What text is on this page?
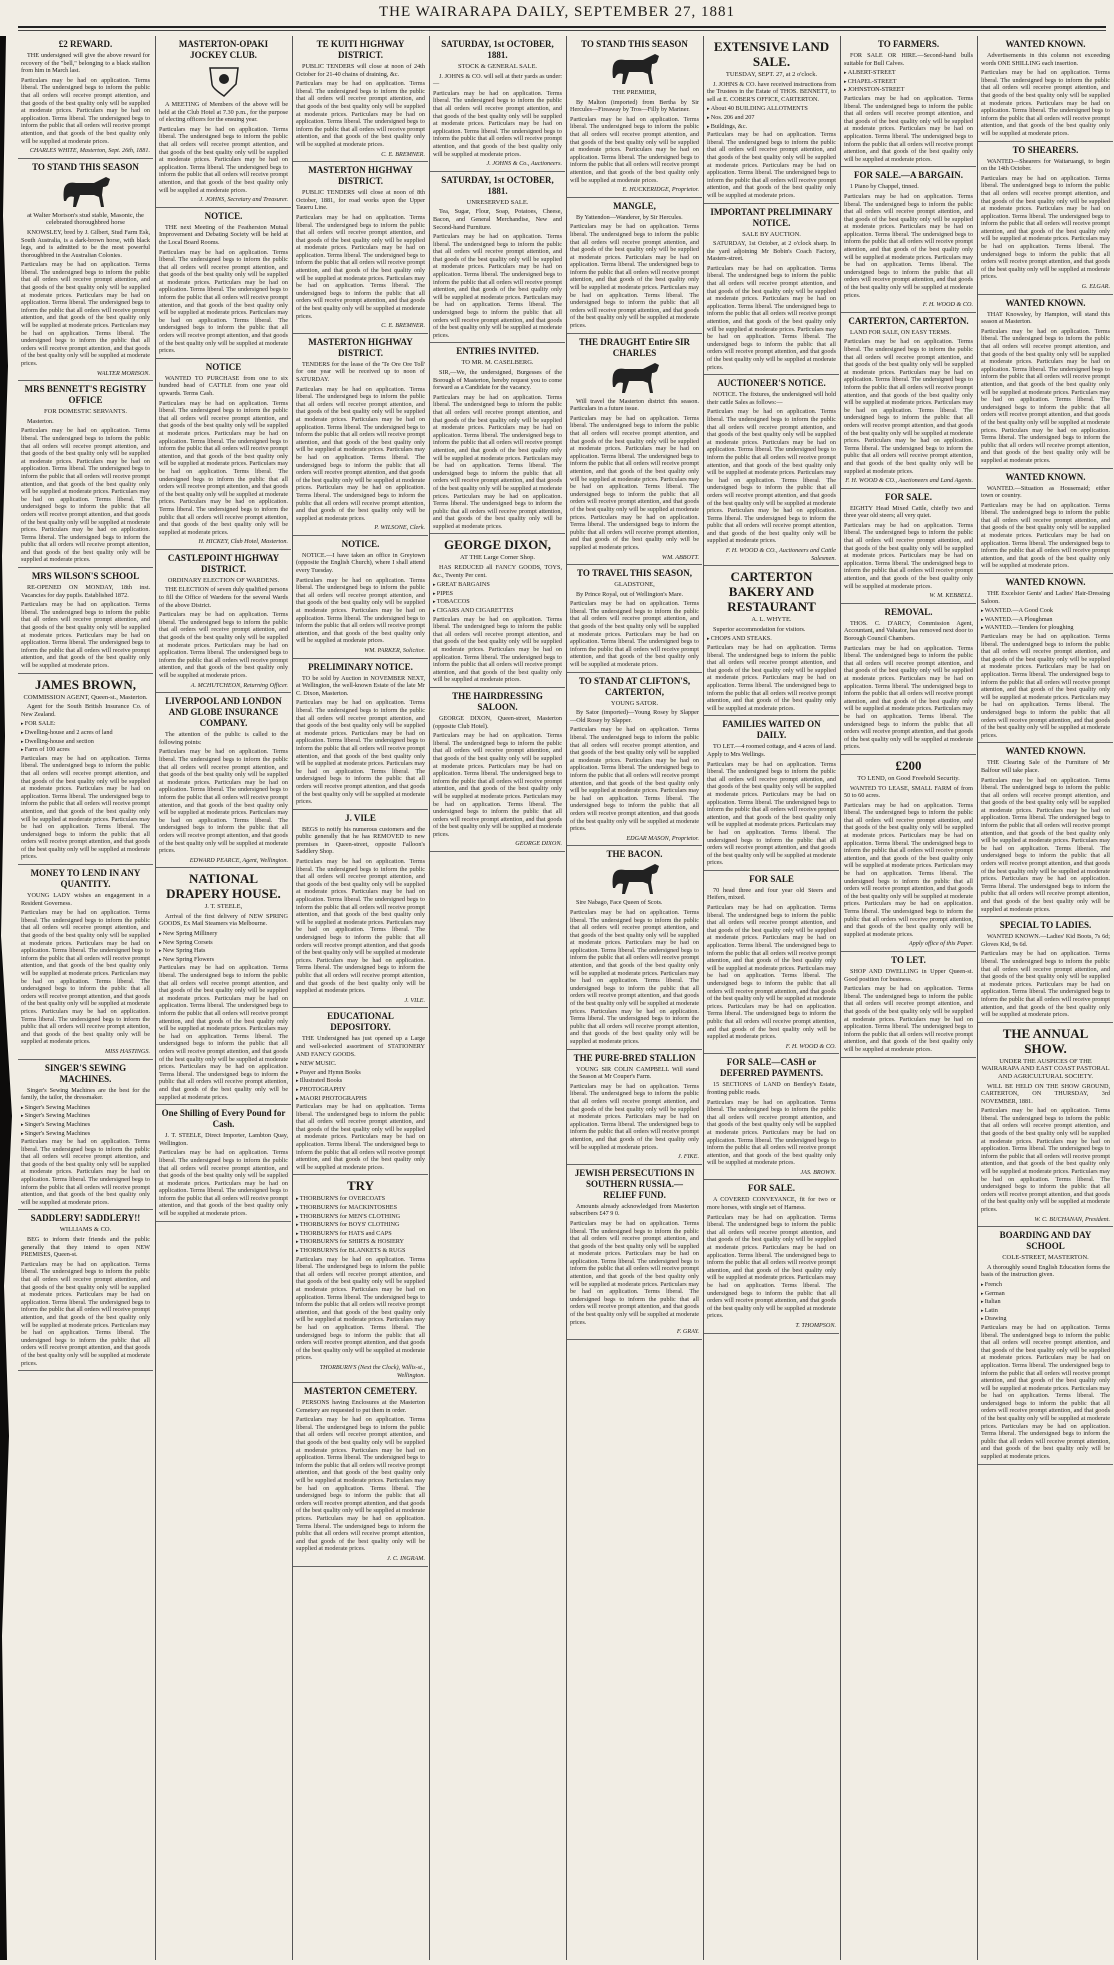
THE WAIRARAPA DAILY, SEPTEMBER 27, 1881
£2 REWARD.

THE undersigned will give the above reward for recovery of the "bell," belonging to a black stallion from him in March last.

Particulars may be had on application. Terms liberal. The undersigned begs to inform the public that all orders will receive prompt attention, and that goods of the best quality only will be supplied at moderate prices. Particulars may be had on application. Terms liberal. The undersigned begs to inform the public that all orders will receive prompt attention, and that goods of the best quality only will be supplied at moderate prices.
CHARLES WHITE, Masterton, Sept. 26th, 1881.
TO STAND THIS SEASON
at Walter Morison's stud stable, Masonic, the celebrated thoroughbred horse

KNOWSLEY, bred by J. Gilbert, Stud Farm Esk, South Australia, is a dark-brown horse, with black legs, and is admitted to be the most powerful thoroughbred in the Australian Colonies.

Particulars may be had on application. Terms liberal. The undersigned begs to inform the public that all orders will receive prompt attention, and that goods of the best quality only will be supplied at moderate prices. Particulars may be had on application. Terms liberal. The undersigned begs to inform the public that all orders will receive prompt attention, and that goods of the best quality only will be supplied at moderate prices. Particulars may be had on application. Terms liberal. The undersigned begs to inform the public that all orders will receive prompt attention, and that goods of the best quality only will be supplied at moderate prices.
WALTER MORISON.
MRS BENNETT'S REGISTRY OFFICE
FOR DOMESTIC SERVANTS.

Masterton.

Particulars may be had on application. Terms liberal. The undersigned begs to inform the public that all orders will receive prompt attention, and that goods of the best quality only will be supplied at moderate prices. Particulars may be had on application. Terms liberal. The undersigned begs to inform the public that all orders will receive prompt attention, and that goods of the best quality only will be supplied at moderate prices. Particulars may be had on application. Terms liberal. The undersigned begs to inform the public that all orders will receive prompt attention, and that goods of the best quality only will be supplied at moderate prices. Particulars may be had on application. Terms liberal. The undersigned begs to inform the public that all orders will receive prompt attention, and that goods of the best quality only will be supplied at moderate prices.
MRS WILSON'S SCHOOL

RE-OPENED ON MONDAY, 18th inst. Vacancies for day pupils. Established 1872.

Particulars may be had on application. Terms liberal. The undersigned begs to inform the public that all orders will receive prompt attention, and that goods of the best quality only will be supplied at moderate prices. Particulars may be had on application. Terms liberal. The undersigned begs to inform the public that all orders will receive prompt attention, and that goods of the best quality only will be supplied at moderate prices.
JAMES BROWN,
COMMISSION AGENT, Queen-st., Masterton.

Agent for the South British Insurance Co. of New Zealand.

▸ FOR SALE:
▸ Dwelling-house and 2 acres of land
▸ Dwelling-house and section
▸ Farm of 100 acres
Particulars may be had on application. Terms liberal. The undersigned begs to inform the public that all orders will receive prompt attention, and that goods of the best quality only will be supplied at moderate prices. Particulars may be had on application. Terms liberal. The undersigned begs to inform the public that all orders will receive prompt attention, and that goods of the best quality only will be supplied at moderate prices. Particulars may be had on application. Terms liberal. The undersigned begs to inform the public that all orders will receive prompt attention, and that goods of the best quality only will be supplied at moderate prices.
MONEY TO LEND IN ANY QUANTITY.

YOUNG LADY wishes an engagement in a Resident Governess.

Particulars may be had on application. Terms liberal. The undersigned begs to inform the public that all orders will receive prompt attention, and that goods of the best quality only will be supplied at moderate prices. Particulars may be had on application. Terms liberal. The undersigned begs to inform the public that all orders will receive prompt attention, and that goods of the best quality only will be supplied at moderate prices. Particulars may be had on application. Terms liberal. The undersigned begs to inform the public that all orders will receive prompt attention, and that goods of the best quality only will be supplied at moderate prices. Particulars may be had on application. Terms liberal. The undersigned begs to inform the public that all orders will receive prompt attention, and that goods of the best quality only will be supplied at moderate prices.
MISS HASTINGS.
SINGER'S SEWING MACHINES.

Singer's Sewing Machines are the best for the family, the tailor, the dressmaker.

▸ Singer's Sewing Machines
▸ Singer's Sewing Machines
▸ Singer's Sewing Machines
▸ Singer's Sewing Machines
Particulars may be had on application. Terms liberal. The undersigned begs to inform the public that all orders will receive prompt attention, and that goods of the best quality only will be supplied at moderate prices. Particulars may be had on application. Terms liberal. The undersigned begs to inform the public that all orders will receive prompt attention, and that goods of the best quality only will be supplied at moderate prices.
SADDLERY! SADDLERY!!
WILLIAMS & CO.

BEG to inform their friends and the public generally that they intend to open NEW PREMISES, Queen-st.

Particulars may be had on application. Terms liberal. The undersigned begs to inform the public that all orders will receive prompt attention, and that goods of the best quality only will be supplied at moderate prices. Particulars may be had on application. Terms liberal. The undersigned begs to inform the public that all orders will receive prompt attention, and that goods of the best quality only will be supplied at moderate prices. Particulars may be had on application. Terms liberal. The undersigned begs to inform the public that all orders will receive prompt attention, and that goods of the best quality only will be supplied at moderate prices.
MASTERTON-OPAKI JOCKEY CLUB.

A MEETING of Members of the above will be held at the Club Hotel at 7.30 p.m., for the purpose of electing officers for the ensuing year.

Particulars may be had on application. Terms liberal. The undersigned begs to inform the public that all orders will receive prompt attention, and that goods of the best quality only will be supplied at moderate prices. Particulars may be had on application. Terms liberal. The undersigned begs to inform the public that all orders will receive prompt attention, and that goods of the best quality only will be supplied at moderate prices.
J. JOHNS, Secretary and Treasurer.
NOTICE.

THE next Meeting of the Featherston Mutual Improvement and Debating Society will be held at the Local Board Rooms.

Particulars may be had on application. Terms liberal. The undersigned begs to inform the public that all orders will receive prompt attention, and that goods of the best quality only will be supplied at moderate prices. Particulars may be had on application. Terms liberal. The undersigned begs to inform the public that all orders will receive prompt attention, and that goods of the best quality only will be supplied at moderate prices. Particulars may be had on application. Terms liberal. The undersigned begs to inform the public that all orders will receive prompt attention, and that goods of the best quality only will be supplied at moderate prices.
NOTICE

WANTED TO PURCHASE from one to six hundred head of CATTLE from one year old upwards. Terms Cash.

Particulars may be had on application. Terms liberal. The undersigned begs to inform the public that all orders will receive prompt attention, and that goods of the best quality only will be supplied at moderate prices. Particulars may be had on application. Terms liberal. The undersigned begs to inform the public that all orders will receive prompt attention, and that goods of the best quality only will be supplied at moderate prices. Particulars may be had on application. Terms liberal. The undersigned begs to inform the public that all orders will receive prompt attention, and that goods of the best quality only will be supplied at moderate prices. Particulars may be had on application. Terms liberal. The undersigned begs to inform the public that all orders will receive prompt attention, and that goods of the best quality only will be supplied at moderate prices.
H. HICKEY, Club Hotel, Masterton.
CASTLEPOINT HIGHWAY DISTRICT.
ORDINARY ELECTION OF WARDENS.

THE ELECTION of seven duly qualified persons to fill the Office of Wardens for the several Wards of the above District.

Particulars may be had on application. Terms liberal. The undersigned begs to inform the public that all orders will receive prompt attention, and that goods of the best quality only will be supplied at moderate prices. Particulars may be had on application. Terms liberal. The undersigned begs to inform the public that all orders will receive prompt attention, and that goods of the best quality only will be supplied at moderate prices.
A. MCHUTCHEON, Returning Officer.
LIVERPOOL AND LONDON AND GLOBE INSURANCE COMPANY.

The attention of the public is called to the following points:

Particulars may be had on application. Terms liberal. The undersigned begs to inform the public that all orders will receive prompt attention, and that goods of the best quality only will be supplied at moderate prices. Particulars may be had on application. Terms liberal. The undersigned begs to inform the public that all orders will receive prompt attention, and that goods of the best quality only will be supplied at moderate prices. Particulars may be had on application. Terms liberal. The undersigned begs to inform the public that all orders will receive prompt attention, and that goods of the best quality only will be supplied at moderate prices.
EDWARD PEARCE, Agent, Wellington.
NATIONAL DRAPERY HOUSE.
J. T. STEELE,

Arrival of the first delivery of NEW SPRING GOODS, Ex Mail Steamers via Melbourne.

▸ New Spring Millinery
▸ New Spring Corsets
▸ New Spring Hats
▸ New Spring Flowers
Particulars may be had on application. Terms liberal. The undersigned begs to inform the public that all orders will receive prompt attention, and that goods of the best quality only will be supplied at moderate prices. Particulars may be had on application. Terms liberal. The undersigned begs to inform the public that all orders will receive prompt attention, and that goods of the best quality only will be supplied at moderate prices. Particulars may be had on application. Terms liberal. The undersigned begs to inform the public that all orders will receive prompt attention, and that goods of the best quality only will be supplied at moderate prices. Particulars may be had on application. Terms liberal. The undersigned begs to inform the public that all orders will receive prompt attention, and that goods of the best quality only will be supplied at moderate prices.
One Shilling of Every Pound for Cash.

J. T. STEELE, Direct Importer, Lambton Quay, Wellington.

Particulars may be had on application. Terms liberal. The undersigned begs to inform the public that all orders will receive prompt attention, and that goods of the best quality only will be supplied at moderate prices. Particulars may be had on application. Terms liberal. The undersigned begs to inform the public that all orders will receive prompt attention, and that goods of the best quality only will be supplied at moderate prices.
TE KUITI HIGHWAY DISTRICT.

PUBLIC TENDERS will close at noon of 24th October for 21-40 chains of draining, &c.

Particulars may be had on application. Terms liberal. The undersigned begs to inform the public that all orders will receive prompt attention, and that goods of the best quality only will be supplied at moderate prices. Particulars may be had on application. Terms liberal. The undersigned begs to inform the public that all orders will receive prompt attention, and that goods of the best quality only will be supplied at moderate prices.
C. E. BREMNER.
MASTERTON HIGHWAY DISTRICT.

PUBLIC TENDERS will close at noon of 8th October, 1881, for road works upon the Upper Taueru Line.

Particulars may be had on application. Terms liberal. The undersigned begs to inform the public that all orders will receive prompt attention, and that goods of the best quality only will be supplied at moderate prices. Particulars may be had on application. Terms liberal. The undersigned begs to inform the public that all orders will receive prompt attention, and that goods of the best quality only will be supplied at moderate prices. Particulars may be had on application. Terms liberal. The undersigned begs to inform the public that all orders will receive prompt attention, and that goods of the best quality only will be supplied at moderate prices.
C. E. BREMNER.
MASTERTON HIGHWAY DISTRICT.

TENDERS for the lease of the 'Te Ore Ore Toll' for one year will be received up to noon of SATURDAY.

Particulars may be had on application. Terms liberal. The undersigned begs to inform the public that all orders will receive prompt attention, and that goods of the best quality only will be supplied at moderate prices. Particulars may be had on application. Terms liberal. The undersigned begs to inform the public that all orders will receive prompt attention, and that goods of the best quality only will be supplied at moderate prices. Particulars may be had on application. Terms liberal. The undersigned begs to inform the public that all orders will receive prompt attention, and that goods of the best quality only will be supplied at moderate prices. Particulars may be had on application. Terms liberal. The undersigned begs to inform the public that all orders will receive prompt attention, and that goods of the best quality only will be supplied at moderate prices.
P. WILSONE, Clerk.
NOTICE.

NOTICE.—I have taken an office in Greytown (opposite the English Church), where I shall attend every Tuesday.

Particulars may be had on application. Terms liberal. The undersigned begs to inform the public that all orders will receive prompt attention, and that goods of the best quality only will be supplied at moderate prices. Particulars may be had on application. Terms liberal. The undersigned begs to inform the public that all orders will receive prompt attention, and that goods of the best quality only will be supplied at moderate prices.
WM. PARKER, Solicitor.
PRELIMINARY NOTICE.

TO be sold by Auction in NOVEMBER NEXT, at Wellington, the well-known Estate of the late Mr C. Dixon, Masterton.

Particulars may be had on application. Terms liberal. The undersigned begs to inform the public that all orders will receive prompt attention, and that goods of the best quality only will be supplied at moderate prices. Particulars may be had on application. Terms liberal. The undersigned begs to inform the public that all orders will receive prompt attention, and that goods of the best quality only will be supplied at moderate prices. Particulars may be had on application. Terms liberal. The undersigned begs to inform the public that all orders will receive prompt attention, and that goods of the best quality only will be supplied at moderate prices.
J. VILE

BEGS to notify his numerous customers and the public generally that he has REMOVED to new premises in Queen-street, opposite Falloon's Saddlery Shop.

Particulars may be had on application. Terms liberal. The undersigned begs to inform the public that all orders will receive prompt attention, and that goods of the best quality only will be supplied at moderate prices. Particulars may be had on application. Terms liberal. The undersigned begs to inform the public that all orders will receive prompt attention, and that goods of the best quality only will be supplied at moderate prices. Particulars may be had on application. Terms liberal. The undersigned begs to inform the public that all orders will receive prompt attention, and that goods of the best quality only will be supplied at moderate prices. Particulars may be had on application. Terms liberal. The undersigned begs to inform the public that all orders will receive prompt attention, and that goods of the best quality only will be supplied at moderate prices.
J. VILE.
EDUCATIONAL DEPOSITORY.

THE Undersigned has just opened up a Large and well-selected assortment of STATIONERY AND FANCY GOODS.

▸ NEW MUSIC.
▸ Prayer and Hymn Books
▸ Illustrated Books
▸ PHOTOGRAPHY
▸ MAORI PHOTOGRAPHS
Particulars may be had on application. Terms liberal. The undersigned begs to inform the public that all orders will receive prompt attention, and that goods of the best quality only will be supplied at moderate prices. Particulars may be had on application. Terms liberal. The undersigned begs to inform the public that all orders will receive prompt attention, and that goods of the best quality only will be supplied at moderate prices.
TRY
▸ THORBURN'S for OVERCOATS
▸ THORBURN'S for MACKINTOSHES
▸ THORBURN'S for MEN'S CLOTHING
▸ THORBURN'S for BOYS' CLOTHING
▸ THORBURN'S for HATS and CAPS
▸ THORBURN'S for SHIRTS & HOSIERY
▸ THORBURN'S for BLANKETS & RUGS
Particulars may be had on application. Terms liberal. The undersigned begs to inform the public that all orders will receive prompt attention, and that goods of the best quality only will be supplied at moderate prices. Particulars may be had on application. Terms liberal. The undersigned begs to inform the public that all orders will receive prompt attention, and that goods of the best quality only will be supplied at moderate prices. Particulars may be had on application. Terms liberal. The undersigned begs to inform the public that all orders will receive prompt attention, and that goods of the best quality only will be supplied at moderate prices.
THORBURN'S (Next the Clock), Willis-st., Wellington.
MASTERTON CEMETERY.

PERSONS having Enclosures at the Masterton Cemetery are requested to put them in order.

Particulars may be had on application. Terms liberal. The undersigned begs to inform the public that all orders will receive prompt attention, and that goods of the best quality only will be supplied at moderate prices. Particulars may be had on application. Terms liberal. The undersigned begs to inform the public that all orders will receive prompt attention, and that goods of the best quality only will be supplied at moderate prices. Particulars may be had on application. Terms liberal. The undersigned begs to inform the public that all orders will receive prompt attention, and that goods of the best quality only will be supplied at moderate prices. Particulars may be had on application. Terms liberal. The undersigned begs to inform the public that all orders will receive prompt attention, and that goods of the best quality only will be supplied at moderate prices.
J. C. INGRAM.
SATURDAY, 1st OCTOBER, 1881.
STOCK & GENERAL SALE.

J. JOHNS & CO. will sell at their yards as under:—

Particulars may be had on application. Terms liberal. The undersigned begs to inform the public that all orders will receive prompt attention, and that goods of the best quality only will be supplied at moderate prices. Particulars may be had on application. Terms liberal. The undersigned begs to inform the public that all orders will receive prompt attention, and that goods of the best quality only will be supplied at moderate prices.
J. JOHNS & Co., Auctioneers.
SATURDAY, 1st OCTOBER, 1881.
UNRESERVED SALE.

Tea, Sugar, Flour, Soap, Potatoes, Cheese, Bacon, and General Merchandise, New and Second-hand Furniture.

Particulars may be had on application. Terms liberal. The undersigned begs to inform the public that all orders will receive prompt attention, and that goods of the best quality only will be supplied at moderate prices. Particulars may be had on application. Terms liberal. The undersigned begs to inform the public that all orders will receive prompt attention, and that goods of the best quality only will be supplied at moderate prices. Particulars may be had on application. Terms liberal. The undersigned begs to inform the public that all orders will receive prompt attention, and that goods of the best quality only will be supplied at moderate prices.
ENTRIES INVITED.
TO MR. M. CASELBERG.

SIR,—We, the undersigned, Burgesses of the Borough of Masterton, hereby request you to come forward as a Candidate for the vacancy.

Particulars may be had on application. Terms liberal. The undersigned begs to inform the public that all orders will receive prompt attention, and that goods of the best quality only will be supplied at moderate prices. Particulars may be had on application. Terms liberal. The undersigned begs to inform the public that all orders will receive prompt attention, and that goods of the best quality only will be supplied at moderate prices. Particulars may be had on application. Terms liberal. The undersigned begs to inform the public that all orders will receive prompt attention, and that goods of the best quality only will be supplied at moderate prices. Particulars may be had on application. Terms liberal. The undersigned begs to inform the public that all orders will receive prompt attention, and that goods of the best quality only will be supplied at moderate prices.
GEORGE DIXON,
AT THE Large Corner Shop.

HAS REDUCED all FANCY GOODS, TOYS, &c., Twenty Per cent.

▸ GREAT BARGAINS
▸ PIPES
▸ TOBACCOS
▸ CIGARS AND CIGARETTES
Particulars may be had on application. Terms liberal. The undersigned begs to inform the public that all orders will receive prompt attention, and that goods of the best quality only will be supplied at moderate prices. Particulars may be had on application. Terms liberal. The undersigned begs to inform the public that all orders will receive prompt attention, and that goods of the best quality only will be supplied at moderate prices.
THE HAIRDRESSING SALOON.

GEORGE DIXON, Queen-street, Masterton (opposite Club Hotel).

Particulars may be had on application. Terms liberal. The undersigned begs to inform the public that all orders will receive prompt attention, and that goods of the best quality only will be supplied at moderate prices. Particulars may be had on application. Terms liberal. The undersigned begs to inform the public that all orders will receive prompt attention, and that goods of the best quality only will be supplied at moderate prices. Particulars may be had on application. Terms liberal. The undersigned begs to inform the public that all orders will receive prompt attention, and that goods of the best quality only will be supplied at moderate prices.
GEORGE DIXON.
TO STAND THIS SEASON
THE PREMIER,

By Malton (imported) from Bertha by Sir Hercules—Fireaway by Tros—Filly by Mariner.

Particulars may be had on application. Terms liberal. The undersigned begs to inform the public that all orders will receive prompt attention, and that goods of the best quality only will be supplied at moderate prices. Particulars may be had on application. Terms liberal. The undersigned begs to inform the public that all orders will receive prompt attention, and that goods of the best quality only will be supplied at moderate prices.
E. HUCKERIDGE, Proprietor.
MANGLE,

By Yattendon—Wanderer, by Sir Hercules.

Particulars may be had on application. Terms liberal. The undersigned begs to inform the public that all orders will receive prompt attention, and that goods of the best quality only will be supplied at moderate prices. Particulars may be had on application. Terms liberal. The undersigned begs to inform the public that all orders will receive prompt attention, and that goods of the best quality only will be supplied at moderate prices. Particulars may be had on application. Terms liberal. The undersigned begs to inform the public that all orders will receive prompt attention, and that goods of the best quality only will be supplied at moderate prices.
THE DRAUGHT Entire SIR CHARLES

Will travel the Masterton district this season. Particulars in a future issue.

Particulars may be had on application. Terms liberal. The undersigned begs to inform the public that all orders will receive prompt attention, and that goods of the best quality only will be supplied at moderate prices. Particulars may be had on application. Terms liberal. The undersigned begs to inform the public that all orders will receive prompt attention, and that goods of the best quality only will be supplied at moderate prices. Particulars may be had on application. Terms liberal. The undersigned begs to inform the public that all orders will receive prompt attention, and that goods of the best quality only will be supplied at moderate prices. Particulars may be had on application. Terms liberal. The undersigned begs to inform the public that all orders will receive prompt attention, and that goods of the best quality only will be supplied at moderate prices.
WM. ABBOTT.
TO TRAVEL THIS SEASON,
GLADSTONE,

By Prince Royal, out of Wellington's Mare.

Particulars may be had on application. Terms liberal. The undersigned begs to inform the public that all orders will receive prompt attention, and that goods of the best quality only will be supplied at moderate prices. Particulars may be had on application. Terms liberal. The undersigned begs to inform the public that all orders will receive prompt attention, and that goods of the best quality only will be supplied at moderate prices.
TO STAND AT CLIFTON'S, CARTERTON,
YOUNG SATOR.

By Sator (imported)—Young Rosey by Slapper—Old Rosey by Slapper.

Particulars may be had on application. Terms liberal. The undersigned begs to inform the public that all orders will receive prompt attention, and that goods of the best quality only will be supplied at moderate prices. Particulars may be had on application. Terms liberal. The undersigned begs to inform the public that all orders will receive prompt attention, and that goods of the best quality only will be supplied at moderate prices. Particulars may be had on application. Terms liberal. The undersigned begs to inform the public that all orders will receive prompt attention, and that goods of the best quality only will be supplied at moderate prices.
EDGAR MASON, Proprietor.
THE BACON.

Sire Nabago, Face Queen of Scots.

Particulars may be had on application. Terms liberal. The undersigned begs to inform the public that all orders will receive prompt attention, and that goods of the best quality only will be supplied at moderate prices. Particulars may be had on application. Terms liberal. The undersigned begs to inform the public that all orders will receive prompt attention, and that goods of the best quality only will be supplied at moderate prices. Particulars may be had on application. Terms liberal. The undersigned begs to inform the public that all orders will receive prompt attention, and that goods of the best quality only will be supplied at moderate prices. Particulars may be had on application. Terms liberal. The undersigned begs to inform the public that all orders will receive prompt attention, and that goods of the best quality only will be supplied at moderate prices.
THE PURE-BRED STALLION

YOUNG SIR COLIN CAMPBELL Will stand the Season at Mr Couper's Farm.

Particulars may be had on application. Terms liberal. The undersigned begs to inform the public that all orders will receive prompt attention, and that goods of the best quality only will be supplied at moderate prices. Particulars may be had on application. Terms liberal. The undersigned begs to inform the public that all orders will receive prompt attention, and that goods of the best quality only will be supplied at moderate prices.
J. FIKE.
JEWISH PERSECUTIONS IN SOUTHERN RUSSIA.—RELIEF FUND.

Amounts already acknowledged from Masterton subscribers £47 9 0.

Particulars may be had on application. Terms liberal. The undersigned begs to inform the public that all orders will receive prompt attention, and that goods of the best quality only will be supplied at moderate prices. Particulars may be had on application. Terms liberal. The undersigned begs to inform the public that all orders will receive prompt attention, and that goods of the best quality only will be supplied at moderate prices. Particulars may be had on application. Terms liberal. The undersigned begs to inform the public that all orders will receive prompt attention, and that goods of the best quality only will be supplied at moderate prices.
F. GRAY.
EXTENSIVE LAND SALE.
TUESDAY, SEPT. 27, at 2 o'clock.

J. JOHNS & CO. have received instructions from the Trustees in the Estate of THOS. BENNETT, to sell at E. COBER'S OFFICE, CARTERTON.

▸ About 40 BUILDING ALLOTMENTS
▸ Nos. 206 and 207
▸ Buildings, &c.
Particulars may be had on application. Terms liberal. The undersigned begs to inform the public that all orders will receive prompt attention, and that goods of the best quality only will be supplied at moderate prices. Particulars may be had on application. Terms liberal. The undersigned begs to inform the public that all orders will receive prompt attention, and that goods of the best quality only will be supplied at moderate prices.
IMPORTANT PRELIMINARY NOTICE.
SALE BY AUCTION.

SATURDAY, 1st October, at 2 o'clock sharp. In the yard adjoining Mr Bobin's Coach Factory, Masters-street.

Particulars may be had on application. Terms liberal. The undersigned begs to inform the public that all orders will receive prompt attention, and that goods of the best quality only will be supplied at moderate prices. Particulars may be had on application. Terms liberal. The undersigned begs to inform the public that all orders will receive prompt attention, and that goods of the best quality only will be supplied at moderate prices. Particulars may be had on application. Terms liberal. The undersigned begs to inform the public that all orders will receive prompt attention, and that goods of the best quality only will be supplied at moderate prices.
AUCTIONEER'S NOTICE.

NOTICE. The fixtures, the undersigned will hold their cattle Sales as follows:—

Particulars may be had on application. Terms liberal. The undersigned begs to inform the public that all orders will receive prompt attention, and that goods of the best quality only will be supplied at moderate prices. Particulars may be had on application. Terms liberal. The undersigned begs to inform the public that all orders will receive prompt attention, and that goods of the best quality only will be supplied at moderate prices. Particulars may be had on application. Terms liberal. The undersigned begs to inform the public that all orders will receive prompt attention, and that goods of the best quality only will be supplied at moderate prices. Particulars may be had on application. Terms liberal. The undersigned begs to inform the public that all orders will receive prompt attention, and that goods of the best quality only will be supplied at moderate prices.
F. H. WOOD & CO., Auctioneers and Cattle Salesmen.
CARTERTON BAKERY AND RESTAURANT
A. L. WHYTE.

Superior accommodation for visitors.

▸ CHOPS AND STEAKS.
Particulars may be had on application. Terms liberal. The undersigned begs to inform the public that all orders will receive prompt attention, and that goods of the best quality only will be supplied at moderate prices. Particulars may be had on application. Terms liberal. The undersigned begs to inform the public that all orders will receive prompt attention, and that goods of the best quality only will be supplied at moderate prices.
FAMILIES WAITED ON DAILY.

TO LET.—4 roomed cottage, and 4 acres of land. Apply to Mrs Wellings.

Particulars may be had on application. Terms liberal. The undersigned begs to inform the public that all orders will receive prompt attention, and that goods of the best quality only will be supplied at moderate prices. Particulars may be had on application. Terms liberal. The undersigned begs to inform the public that all orders will receive prompt attention, and that goods of the best quality only will be supplied at moderate prices. Particulars may be had on application. Terms liberal. The undersigned begs to inform the public that all orders will receive prompt attention, and that goods of the best quality only will be supplied at moderate prices.
FOR SALE

70 head three and four year old Steers and Heifers, mixed.

Particulars may be had on application. Terms liberal. The undersigned begs to inform the public that all orders will receive prompt attention, and that goods of the best quality only will be supplied at moderate prices. Particulars may be had on application. Terms liberal. The undersigned begs to inform the public that all orders will receive prompt attention, and that goods of the best quality only will be supplied at moderate prices. Particulars may be had on application. Terms liberal. The undersigned begs to inform the public that all orders will receive prompt attention, and that goods of the best quality only will be supplied at moderate prices. Particulars may be had on application. Terms liberal. The undersigned begs to inform the public that all orders will receive prompt attention, and that goods of the best quality only will be supplied at moderate prices.
F. H. WOOD & CO.
FOR SALE—CASH or DEFERRED PAYMENTS.

15 SECTIONS of LAND on Bentley's Estate, fronting public roads.

Particulars may be had on application. Terms liberal. The undersigned begs to inform the public that all orders will receive prompt attention, and that goods of the best quality only will be supplied at moderate prices. Particulars may be had on application. Terms liberal. The undersigned begs to inform the public that all orders will receive prompt attention, and that goods of the best quality only will be supplied at moderate prices.
JAS. BROWN.
FOR SALE.

A COVERED CONVEYANCE, fit for two or more horses, with single set of Harness.

Particulars may be had on application. Terms liberal. The undersigned begs to inform the public that all orders will receive prompt attention, and that goods of the best quality only will be supplied at moderate prices. Particulars may be had on application. Terms liberal. The undersigned begs to inform the public that all orders will receive prompt attention, and that goods of the best quality only will be supplied at moderate prices. Particulars may be had on application. Terms liberal. The undersigned begs to inform the public that all orders will receive prompt attention, and that goods of the best quality only will be supplied at moderate prices.
T. THOMPSON.
TO FARMERS.

FOR SALE OR HIRE.—Second-hand bulls suitable for Bull Calves.

▸ ALBERT-STREET
▸ CHAPEL-STREET
▸ JOHNSTON-STREET
Particulars may be had on application. Terms liberal. The undersigned begs to inform the public that all orders will receive prompt attention, and that goods of the best quality only will be supplied at moderate prices. Particulars may be had on application. Terms liberal. The undersigned begs to inform the public that all orders will receive prompt attention, and that goods of the best quality only will be supplied at moderate prices.
FOR SALE.—A BARGAIN.

1 Piano by Chappel, tinned.

Particulars may be had on application. Terms liberal. The undersigned begs to inform the public that all orders will receive prompt attention, and that goods of the best quality only will be supplied at moderate prices. Particulars may be had on application. Terms liberal. The undersigned begs to inform the public that all orders will receive prompt attention, and that goods of the best quality only will be supplied at moderate prices. Particulars may be had on application. Terms liberal. The undersigned begs to inform the public that all orders will receive prompt attention, and that goods of the best quality only will be supplied at moderate prices.
F. H. WOOD & CO.
CARTERTON, CARTERTON.

LAND FOR SALE, ON EASY TERMS.

Particulars may be had on application. Terms liberal. The undersigned begs to inform the public that all orders will receive prompt attention, and that goods of the best quality only will be supplied at moderate prices. Particulars may be had on application. Terms liberal. The undersigned begs to inform the public that all orders will receive prompt attention, and that goods of the best quality only will be supplied at moderate prices. Particulars may be had on application. Terms liberal. The undersigned begs to inform the public that all orders will receive prompt attention, and that goods of the best quality only will be supplied at moderate prices. Particulars may be had on application. Terms liberal. The undersigned begs to inform the public that all orders will receive prompt attention, and that goods of the best quality only will be supplied at moderate prices.
F. H. WOOD & CO., Auctioneers and Land Agents.
FOR SALE.

EIGHTY Head Mixed Cattle, chiefly two and three year old steers; all very quiet.

Particulars may be had on application. Terms liberal. The undersigned begs to inform the public that all orders will receive prompt attention, and that goods of the best quality only will be supplied at moderate prices. Particulars may be had on application. Terms liberal. The undersigned begs to inform the public that all orders will receive prompt attention, and that goods of the best quality only will be supplied at moderate prices.
W. M. KEBBELL.
REMOVAL.

THOS. C. D'ARCY, Commission Agent, Accountant, and Valuator, has removed next door to Borough Council Chambers.

Particulars may be had on application. Terms liberal. The undersigned begs to inform the public that all orders will receive prompt attention, and that goods of the best quality only will be supplied at moderate prices. Particulars may be had on application. Terms liberal. The undersigned begs to inform the public that all orders will receive prompt attention, and that goods of the best quality only will be supplied at moderate prices. Particulars may be had on application. Terms liberal. The undersigned begs to inform the public that all orders will receive prompt attention, and that goods of the best quality only will be supplied at moderate prices.
£200
TO LEND, on Good Freehold Security.

WANTED TO LEASE, SMALL FARM of from 50 to 60 acres.

Particulars may be had on application. Terms liberal. The undersigned begs to inform the public that all orders will receive prompt attention, and that goods of the best quality only will be supplied at moderate prices. Particulars may be had on application. Terms liberal. The undersigned begs to inform the public that all orders will receive prompt attention, and that goods of the best quality only will be supplied at moderate prices. Particulars may be had on application. Terms liberal. The undersigned begs to inform the public that all orders will receive prompt attention, and that goods of the best quality only will be supplied at moderate prices. Particulars may be had on application. Terms liberal. The undersigned begs to inform the public that all orders will receive prompt attention, and that goods of the best quality only will be supplied at moderate prices.
Apply office of this Paper.
TO LET.

SHOP AND DWELLING in Upper Queen-st. Good position for business.

Particulars may be had on application. Terms liberal. The undersigned begs to inform the public that all orders will receive prompt attention, and that goods of the best quality only will be supplied at moderate prices. Particulars may be had on application. Terms liberal. The undersigned begs to inform the public that all orders will receive prompt attention, and that goods of the best quality only will be supplied at moderate prices.
WANTED KNOWN.

Advertisements in this column not exceeding words ONE SHILLING each insertion.

Particulars may be had on application. Terms liberal. The undersigned begs to inform the public that all orders will receive prompt attention, and that goods of the best quality only will be supplied at moderate prices. Particulars may be had on application. Terms liberal. The undersigned begs to inform the public that all orders will receive prompt attention, and that goods of the best quality only will be supplied at moderate prices.
TO SHEARERS.

WANTED—Shearers for Waitaruangi, to begin on the 14th October.

Particulars may be had on application. Terms liberal. The undersigned begs to inform the public that all orders will receive prompt attention, and that goods of the best quality only will be supplied at moderate prices. Particulars may be had on application. Terms liberal. The undersigned begs to inform the public that all orders will receive prompt attention, and that goods of the best quality only will be supplied at moderate prices. Particulars may be had on application. Terms liberal. The undersigned begs to inform the public that all orders will receive prompt attention, and that goods of the best quality only will be supplied at moderate prices.
G. ELGAR.
WANTED KNOWN.

THAT Knowsley, by Hampton, will stand this season at Masterton.

Particulars may be had on application. Terms liberal. The undersigned begs to inform the public that all orders will receive prompt attention, and that goods of the best quality only will be supplied at moderate prices. Particulars may be had on application. Terms liberal. The undersigned begs to inform the public that all orders will receive prompt attention, and that goods of the best quality only will be supplied at moderate prices. Particulars may be had on application. Terms liberal. The undersigned begs to inform the public that all orders will receive prompt attention, and that goods of the best quality only will be supplied at moderate prices. Particulars may be had on application. Terms liberal. The undersigned begs to inform the public that all orders will receive prompt attention, and that goods of the best quality only will be supplied at moderate prices.
WANTED KNOWN.

WANTED.—Situation as Housemaid; either town or country.

Particulars may be had on application. Terms liberal. The undersigned begs to inform the public that all orders will receive prompt attention, and that goods of the best quality only will be supplied at moderate prices. Particulars may be had on application. Terms liberal. The undersigned begs to inform the public that all orders will receive prompt attention, and that goods of the best quality only will be supplied at moderate prices.
WANTED KNOWN.

THE Excelsior Gents' and Ladies' Hair-Dressing Saloon.

▸ WANTED.—A Good Cook
▸ WANTED.—A Ploughman
▸ WANTED.—Tenders for ploughing
Particulars may be had on application. Terms liberal. The undersigned begs to inform the public that all orders will receive prompt attention, and that goods of the best quality only will be supplied at moderate prices. Particulars may be had on application. Terms liberal. The undersigned begs to inform the public that all orders will receive prompt attention, and that goods of the best quality only will be supplied at moderate prices. Particulars may be had on application. Terms liberal. The undersigned begs to inform the public that all orders will receive prompt attention, and that goods of the best quality only will be supplied at moderate prices.
WANTED KNOWN.

THE Clearing Sale of the Furniture of Mr Balfour will take place.

Particulars may be had on application. Terms liberal. The undersigned begs to inform the public that all orders will receive prompt attention, and that goods of the best quality only will be supplied at moderate prices. Particulars may be had on application. Terms liberal. The undersigned begs to inform the public that all orders will receive prompt attention, and that goods of the best quality only will be supplied at moderate prices. Particulars may be had on application. Terms liberal. The undersigned begs to inform the public that all orders will receive prompt attention, and that goods of the best quality only will be supplied at moderate prices. Particulars may be had on application. Terms liberal. The undersigned begs to inform the public that all orders will receive prompt attention, and that goods of the best quality only will be supplied at moderate prices.
SPECIAL TO LADIES.

WANTED KNOWN.—Ladies' Kid Boots, 7s 6d; Gloves Kid, 9s 6d.

Particulars may be had on application. Terms liberal. The undersigned begs to inform the public that all orders will receive prompt attention, and that goods of the best quality only will be supplied at moderate prices. Particulars may be had on application. Terms liberal. The undersigned begs to inform the public that all orders will receive prompt attention, and that goods of the best quality only will be supplied at moderate prices.
THE ANNUAL SHOW.
UNDER THE AUSPICES OF THE WAIRARAPA AND EAST COAST PASTORAL AND AGRICULTURAL SOCIETY.

WILL BE HELD ON THE SHOW GROUND, CARTERTON, ON THURSDAY, 3rd NOVEMBER, 1881.

Particulars may be had on application. Terms liberal. The undersigned begs to inform the public that all orders will receive prompt attention, and that goods of the best quality only will be supplied at moderate prices. Particulars may be had on application. Terms liberal. The undersigned begs to inform the public that all orders will receive prompt attention, and that goods of the best quality only will be supplied at moderate prices. Particulars may be had on application. Terms liberal. The undersigned begs to inform the public that all orders will receive prompt attention, and that goods of the best quality only will be supplied at moderate prices.
W. C. BUCHANAN, President.
BOARDING AND DAY SCHOOL
COLE-STREET, MASTERTON.

A thoroughly sound English Education forms the basis of the instruction given.

▸ French
▸ German
▸ Italian
▸ Latin
▸ Drawing
Particulars may be had on application. Terms liberal. The undersigned begs to inform the public that all orders will receive prompt attention, and that goods of the best quality only will be supplied at moderate prices. Particulars may be had on application. Terms liberal. The undersigned begs to inform the public that all orders will receive prompt attention, and that goods of the best quality only will be supplied at moderate prices. Particulars may be had on application. Terms liberal. The undersigned begs to inform the public that all orders will receive prompt attention, and that goods of the best quality only will be supplied at moderate prices. Particulars may be had on application. Terms liberal. The undersigned begs to inform the public that all orders will receive prompt attention, and that goods of the best quality only will be supplied at moderate prices.
